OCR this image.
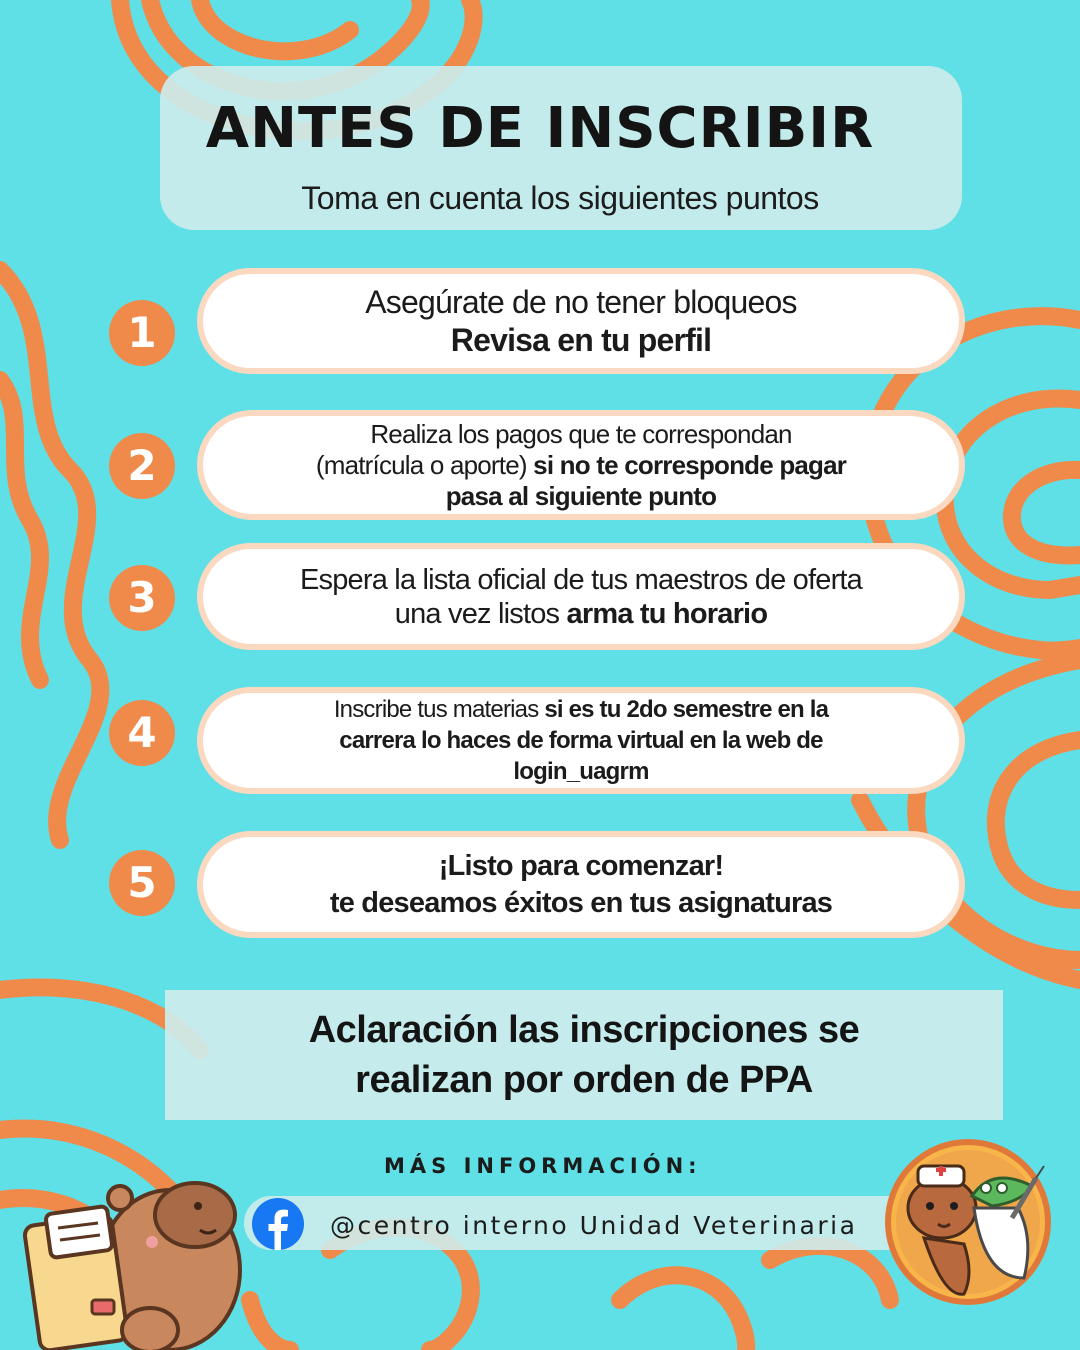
ANTES DE INSCRIBIR
Toma en cuenta los siguientes puntos
1
Asegúrate de no tener bloqueos
Revisa en tu perfil
2
Realiza los pagos que te correspondan
(matrícula o aporte) si no te corresponde pagar
pasa al siguiente punto
3	Espera la lista oficial de tus maestros de oferta
una vez listos arma tu horario
4	Inscribe tus materias si es tu 2do semestre en la
carrera lo haces de forma virtual en la web de
login_uagrm
5	¡Listo para comenzar!
te deseamos éxitos en tus asignaturas
Aclaración las inscripciones se
realizan por orden de PPA
MÁS INFORMACIÓN:
@centro interno Unidad Veterinaria
